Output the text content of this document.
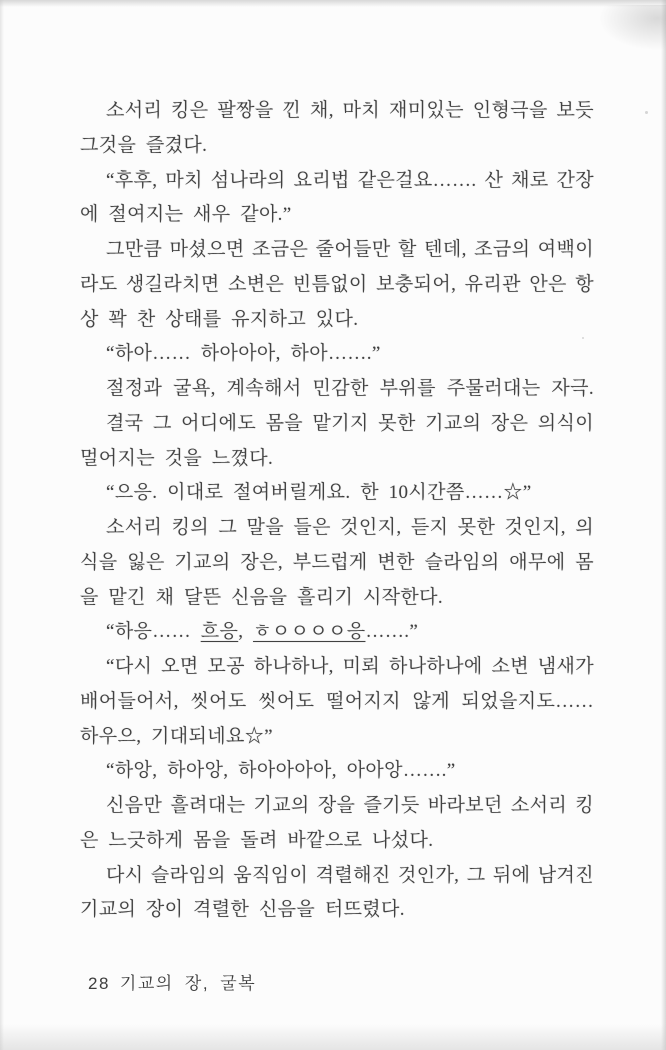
소서리 킹은 팔짱을 낀 채, 마치 재미있는 인형극을 보듯
그것을 즐겼다.
“후후, 마치 섬나라의 요리법 같은걸요……. 산 채로 간장
에 절여지는 새우 같아.”
그만큼 마셨으면 조금은 줄어들만 할 텐데, 조금의 여백이
라도 생길라치면 소변은 빈틈없이 보충되어, 유리관 안은 항
상 꽉 찬 상태를 유지하고 있다.
“하아…… 하아아아, 하아…….”
절정과 굴욕, 계속해서 민감한 부위를 주물러대는 자극.
결국 그 어디에도 몸을 맡기지 못한 기교의 장은 의식이
멀어지는 것을 느꼈다.
“으응. 이대로 절여버릴게요. 한 10시간쯤……☆”
소서리 킹의 그 말을 들은 것인지, 듣지 못한 것인지, 의
식을 잃은 기교의 장은, 부드럽게 변한 슬라임의 애무에 몸
을 맡긴 채 달뜬 신음을 흘리기 시작한다.
“하응…… 흐응, ㅎㅇㅇㅇㅇ응…….”
“다시 오면 모공 하나하나, 미뢰 하나하나에 소변 냄새가
배어들어서, 씻어도 씻어도 떨어지지 않게 되었을지도……
하우으, 기대되네요☆”
“하앙, 하아앙, 하아아아아, 아아앙…….”
신음만 흘려대는 기교의 장을 즐기듯 바라보던 소서리 킹
은 느긋하게 몸을 돌려 바깥으로 나섰다.
다시 슬라임의 움직임이 격렬해진 것인가, 그 뒤에 남겨진
기교의 장이 격렬한 신음을 터뜨렸다.
28 기교의 장, 굴복
